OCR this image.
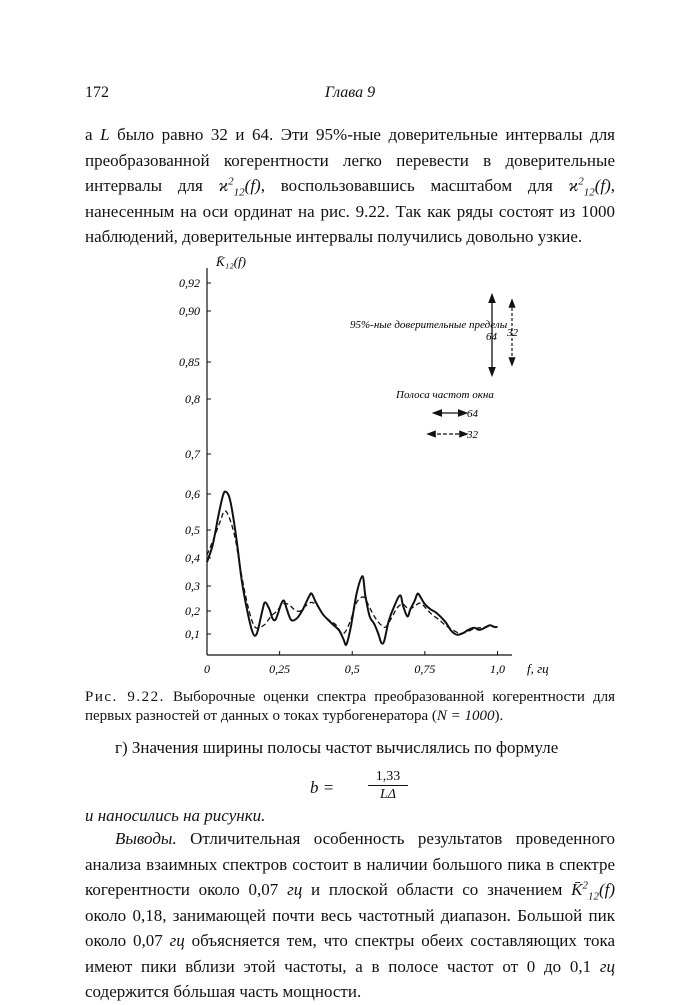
172	Глава 9

a L было равно 32 и 64. Эти 95%-ные доверительные интервалы для преобразованной когерентности легко перевести в доверительные интервалы для $ϰ^2_{12}(f)$, воспользовавшись масштабом для $ϰ^2_{12}(f)$, нанесенным на оси ординат на рис. 9.22. Так как ряды состоят из 1000 наблюдений, доверительные интервалы получились довольно узкие.

0,92
0,90
0,85
0,8
0,7
0,6
0,5
0,4
0,3
0,2
0,1
0	0,25	0,5	0,75	1,0
K̄₁₂(f)
f, гц
95%-ные доверительные пределы
64 32
Полоса частот окна
64
32
Рис. 9.22. Выборочные оценки спектра преобразованной когерентности для первых разностей от данных о токах турбогенератора (N = 1000).
г) Значения ширины полосы частот вычислялись по формуле
$b = \frac{1,33}{L\Delta}$
и наносились на рисунки.

Выводы. Отличительная особенность результатов проведенного анализа взаимных спектров состоит в наличии большого пика в спектре когерентности около 0,07 гц и плоской области со значением K̄$^2_{12}$(f) около 0,18, занимающей почти весь частотный диапазон. Большой пик около 0,07 гц объясняется тем, что спектры обеих составляющих тока имеют пики вблизи этой частоты, а в полосе частот от 0 до 0,1 гц содержится бóльшая часть мощности.
